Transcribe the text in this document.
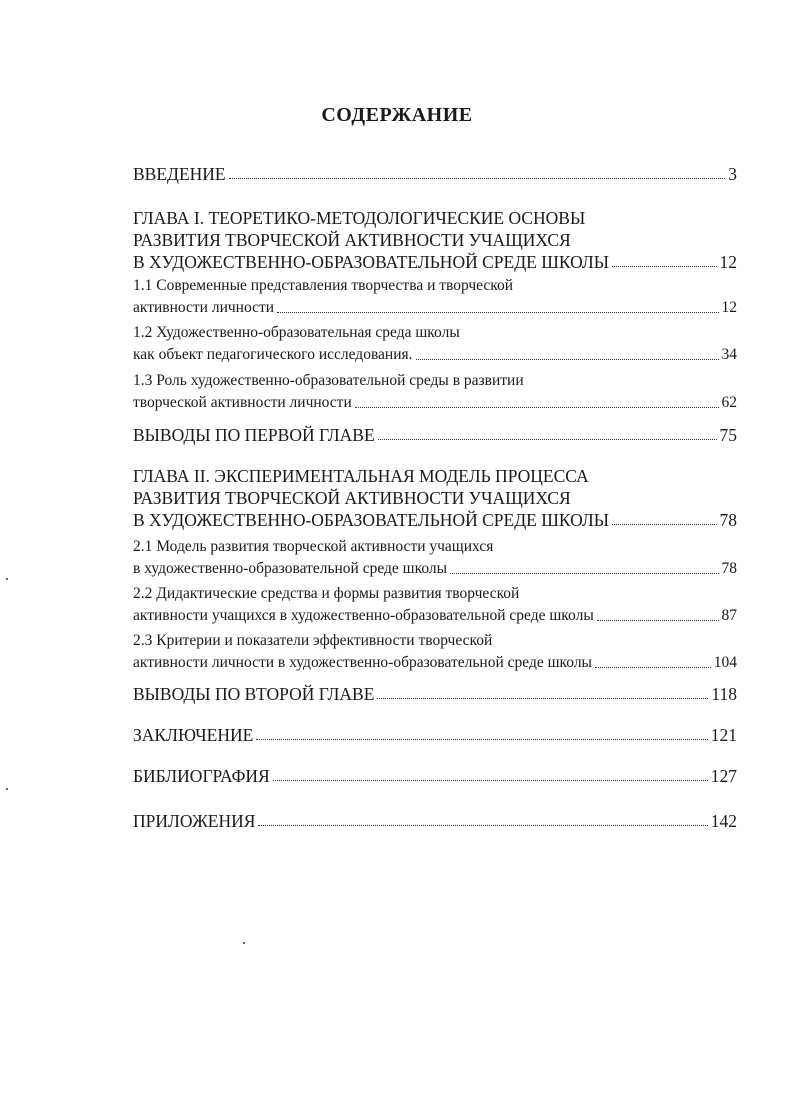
СОДЕРЖАНИЕ
ВВЕДЕНИЕ	3
ГЛАВА I. ТЕОРЕТИКО-МЕТОДОЛОГИЧЕСКИЕ ОСНОВЫ
РАЗВИТИЯ ТВОРЧЕСКОЙ АКТИВНОСТИ УЧАЩИХСЯ
В ХУДОЖЕСТВЕННО-ОБРАЗОВАТЕЛЬНОЙ СРЕДЕ ШКОЛЫ	12
1.1 Современные представления творчества и творческой
активности личности	12
1.2 Художественно-образовательная среда школы
как объект педагогического исследования.	34
1.3 Роль художественно-образовательной среды в развитии
творческой активности личности	62
ВЫВОДЫ ПО ПЕРВОЙ ГЛАВЕ	75
ГЛАВА II. ЭКСПЕРИМЕНТАЛЬНАЯ МОДЕЛЬ ПРОЦЕССА
РАЗВИТИЯ ТВОРЧЕСКОЙ АКТИВНОСТИ УЧАЩИХСЯ
В ХУДОЖЕСТВЕННО-ОБРАЗОВАТЕЛЬНОЙ СРЕДЕ ШКОЛЫ	78
2.1 Модель развития творческой активности учащихся
в художественно-образовательной среде школы	78
2.2 Дидактические средства и формы развития творческой
активности учащихся в художественно-образовательной среде школы	87
2.3 Критерии и показатели эффективности творческой
активности личности в художественно-образовательной среде школы	104
ВЫВОДЫ ПО ВТОРОЙ ГЛАВЕ	118
ЗАКЛЮЧЕНИЕ	121
БИБЛИОГРАФИЯ	127
ПРИЛОЖЕНИЯ	142
